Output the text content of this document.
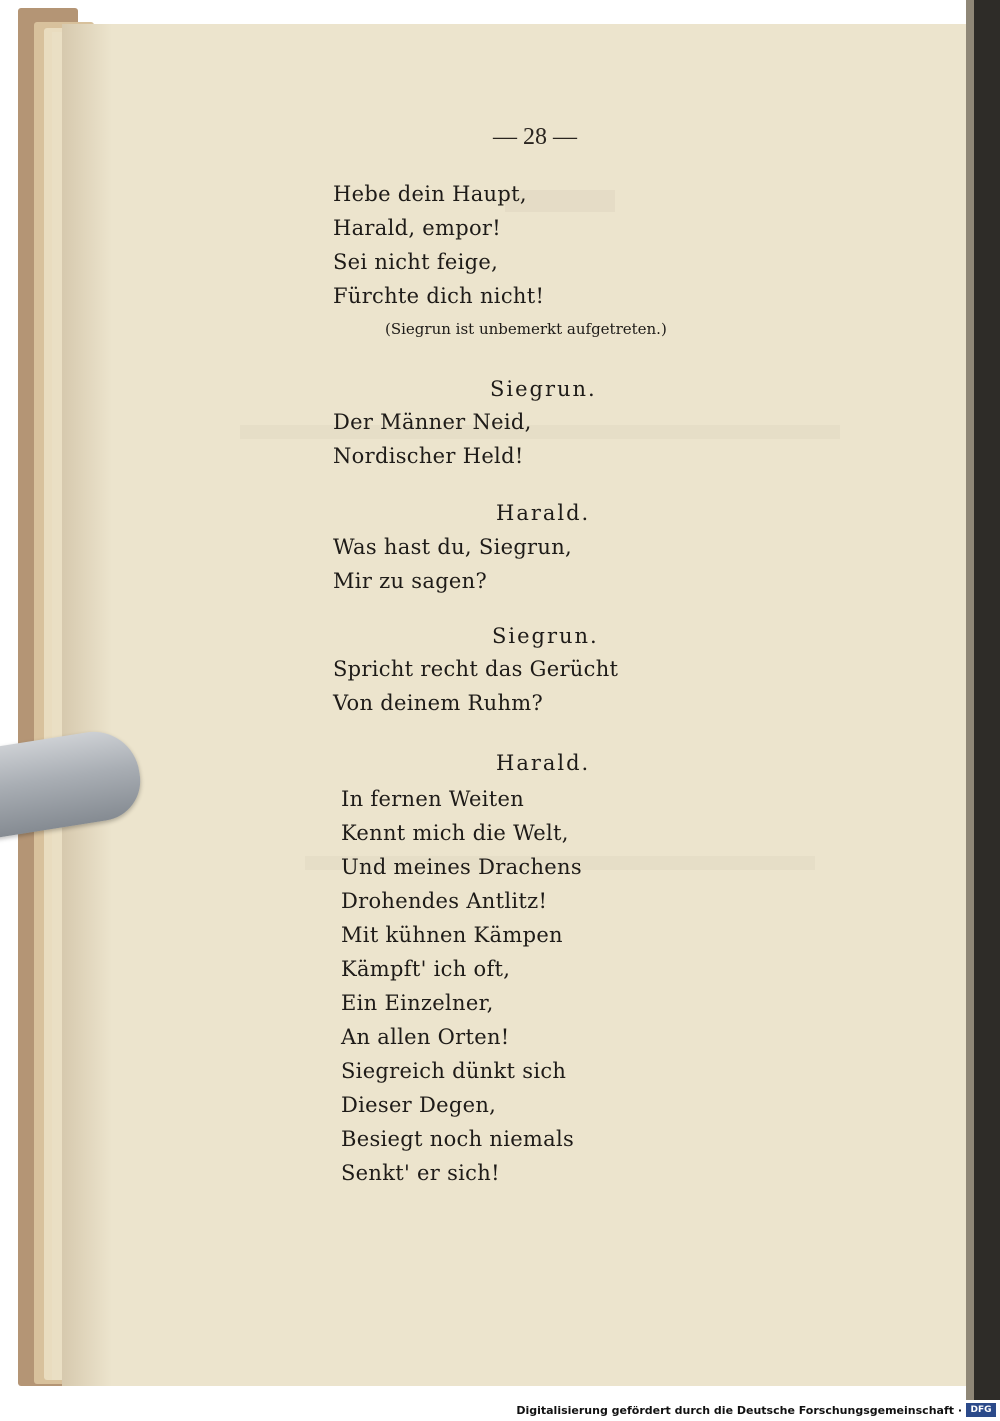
— 28 —
Hebe dein Haupt,
Harald, empor!
Sei nicht feige,
Fürchte dich nicht!
(Siegrun ist unbemerkt aufgetreten.)
Siegrun.
Der Männer Neid,
Nordischer Held!
Harald.
Was hast du, Siegrun,
Mir zu sagen?
Siegrun.
Spricht recht das Gerücht
Von deinem Ruhm?
Harald.
In fernen Weiten
Kennt mich die Welt,
Und meines Drachens
Drohendes Antlitz!
Mit kühnen Kämpen
Kämpft' ich oft,
Ein Einzelner,
An allen Orten!
Siegreich dünkt sich
Dieser Degen,
Besiegt noch niemals
Senkt' er sich!
Digitalisierung gefördert durch die Deutsche Forschungsgemeinschaft · DFG
